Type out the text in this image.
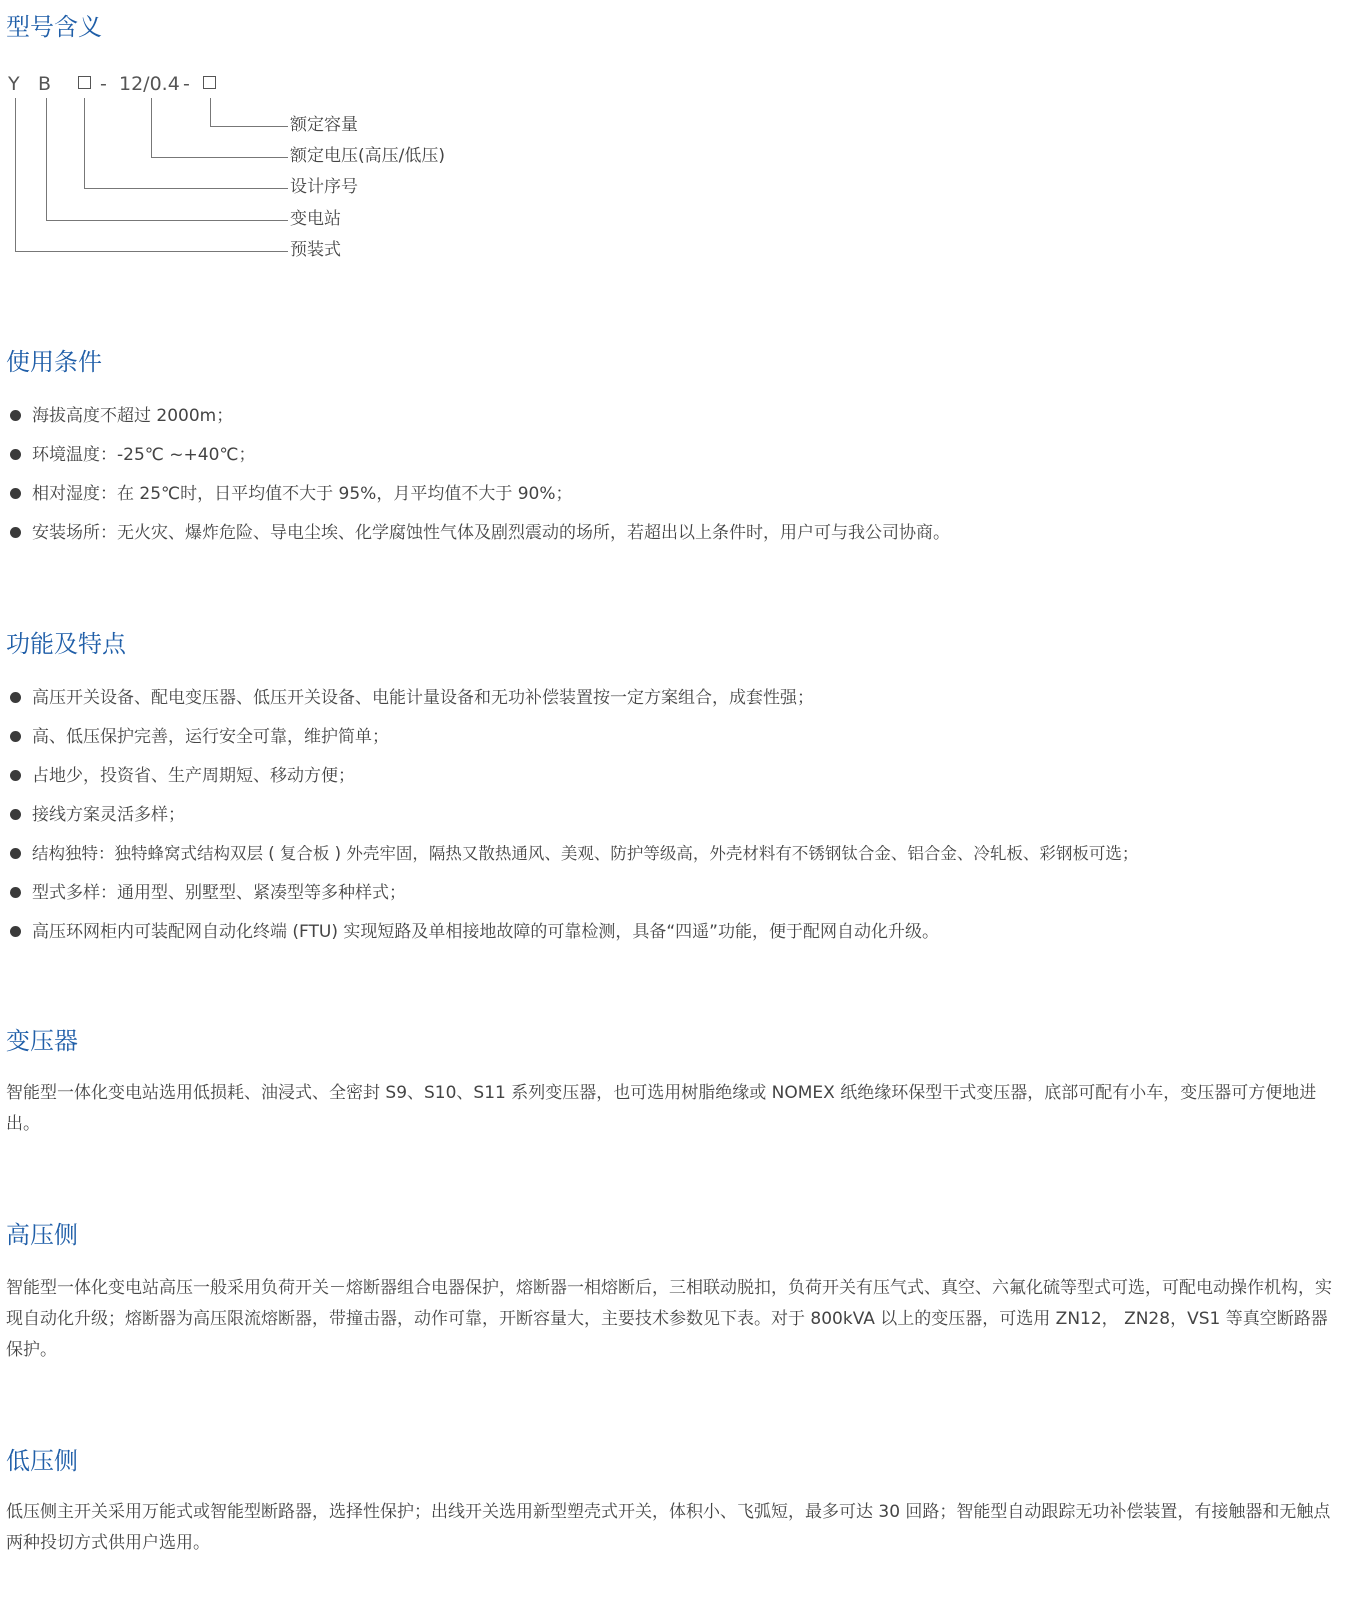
型号含义
Y B	- 12/0.4 -
额定容量
额定电压(高压/低压)
设计序号
变电站
预装式
使用条件
海拔高度不超过 2000m；
环境温度：-25℃ ~+40℃；
相对湿度：在 25℃时，日平均值不大于 95%，月平均值不大于 90%；
安装场所：无火灾、爆炸危险、导电尘埃、化学腐蚀性气体及剧烈震动的场所，若超出以上条件时，用户可与我公司协商。
功能及特点
高压开关设备、配电变压器、低压开关设备、电能计量设备和无功补偿装置按一定方案组合，成套性强；
高、低压保护完善，运行安全可靠，维护简单；
占地少，投资省、生产周期短、移动方便；
接线方案灵活多样；
结构独特：独特蜂窝式结构双层 ( 复合板 ) 外壳牢固，隔热又散热通风、美观、防护等级高，外壳材料有不锈钢钛合金、铝合金、冷轧板、彩钢板可选；
型式多样：通用型、别墅型、紧凑型等多种样式；
高压环网柜内可装配网自动化终端 (FTU) 实现短路及单相接地故障的可靠检测，具备“四遥”功能，便于配网自动化升级。
变压器

智能型一体化变电站选用低损耗、油浸式、全密封 S9、S10、S11 系列变压器，也可选用树脂绝缘或 NOMEX 纸绝缘环保型干式变压器，底部可配有小车，变压器可方便地进出。

高压侧

智能型一体化变电站高压一般采用负荷开关－熔断器组合电器保护，熔断器一相熔断后，三相联动脱扣，负荷开关有压气式、真空、六氟化硫等型式可选，可配电动操作机构，实现自动化升级；熔断器为高压限流熔断器，带撞击器，动作可靠，开断容量大，主要技术参数见下表。对于 800kVA 以上的变压器，可选用 ZN12， ZN28，VS1 等真空断路器保护。

低压侧

低压侧主开关采用万能式或智能型断路器，选择性保护；出线开关选用新型塑壳式开关，体积小、飞弧短，最多可达 30 回路；智能型自动跟踪无功补偿装置，有接触器和无触点两种投切方式供用户选用。
